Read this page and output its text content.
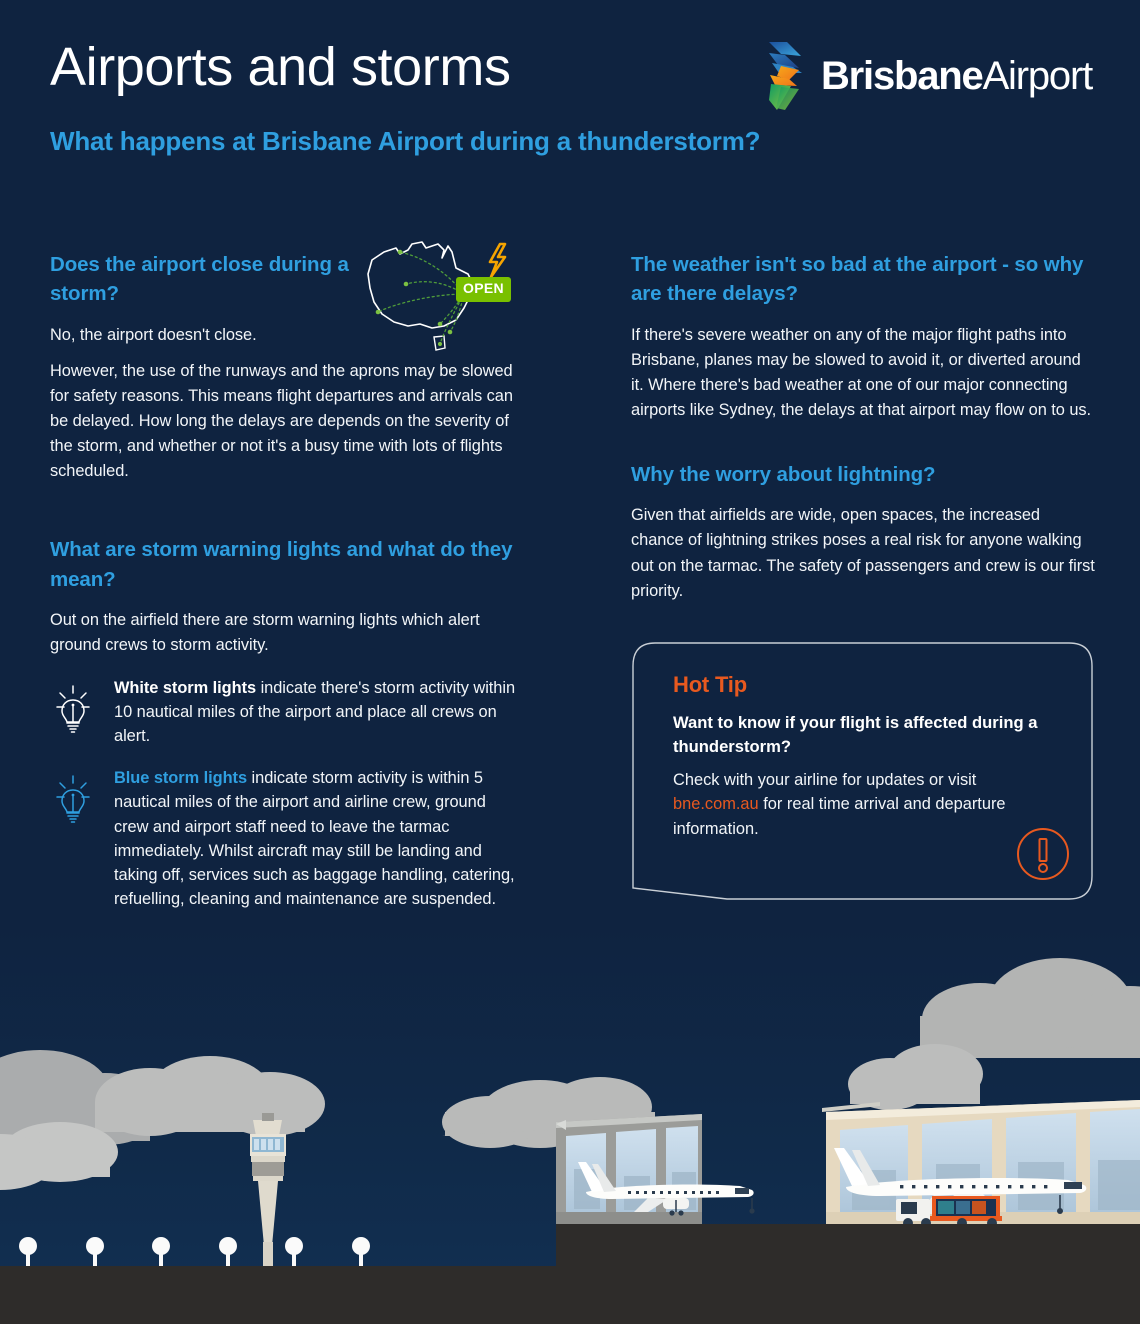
Airports and storms
What happens at Brisbane Airport during a thunderstorm?
BrisbaneAirport
OPEN
Does the airport close during a storm?

No, the airport doesn't close.

However, the use of the runways and the aprons may be slowed for safety reasons. This means flight departures and arrivals can be delayed. How long the delays are depends on the severity of the storm, and whether or not it's a busy time with lots of flights scheduled.

What are storm warning lights and what do they mean?

Out on the airfield there are storm warning lights which alert ground crews to storm activity.

White storm lights indicate there's storm activity within 10 nautical miles of the airport and place all crews on alert.
Blue storm lights indicate storm activity is within 5 nautical miles of the airport and airline crew, ground crew and airport staff need to leave the tarmac immediately. Whilst aircraft may still be landing and taking off, services such as baggage handling, catering, refuelling, cleaning and maintenance are suspended.
The weather isn't so bad at the airport - so why are there delays?

If there's severe weather on any of the major flight paths into Brisbane, planes may be slowed to avoid it, or diverted around it. Where there's bad weather at one of our major connecting airports like Sydney, the delays at that airport may flow on to us.

Why the worry about lightning?

Given that airfields are wide, open spaces, the increased chance of lightning strikes poses a real risk for anyone walking out on the tarmac. The safety of passengers and crew is our first priority.

Hot Tip
Want to know if your flight is affected during a thunderstorm?
Check with your airline for updates or visit bne.com.au for real time arrival and departure information.
